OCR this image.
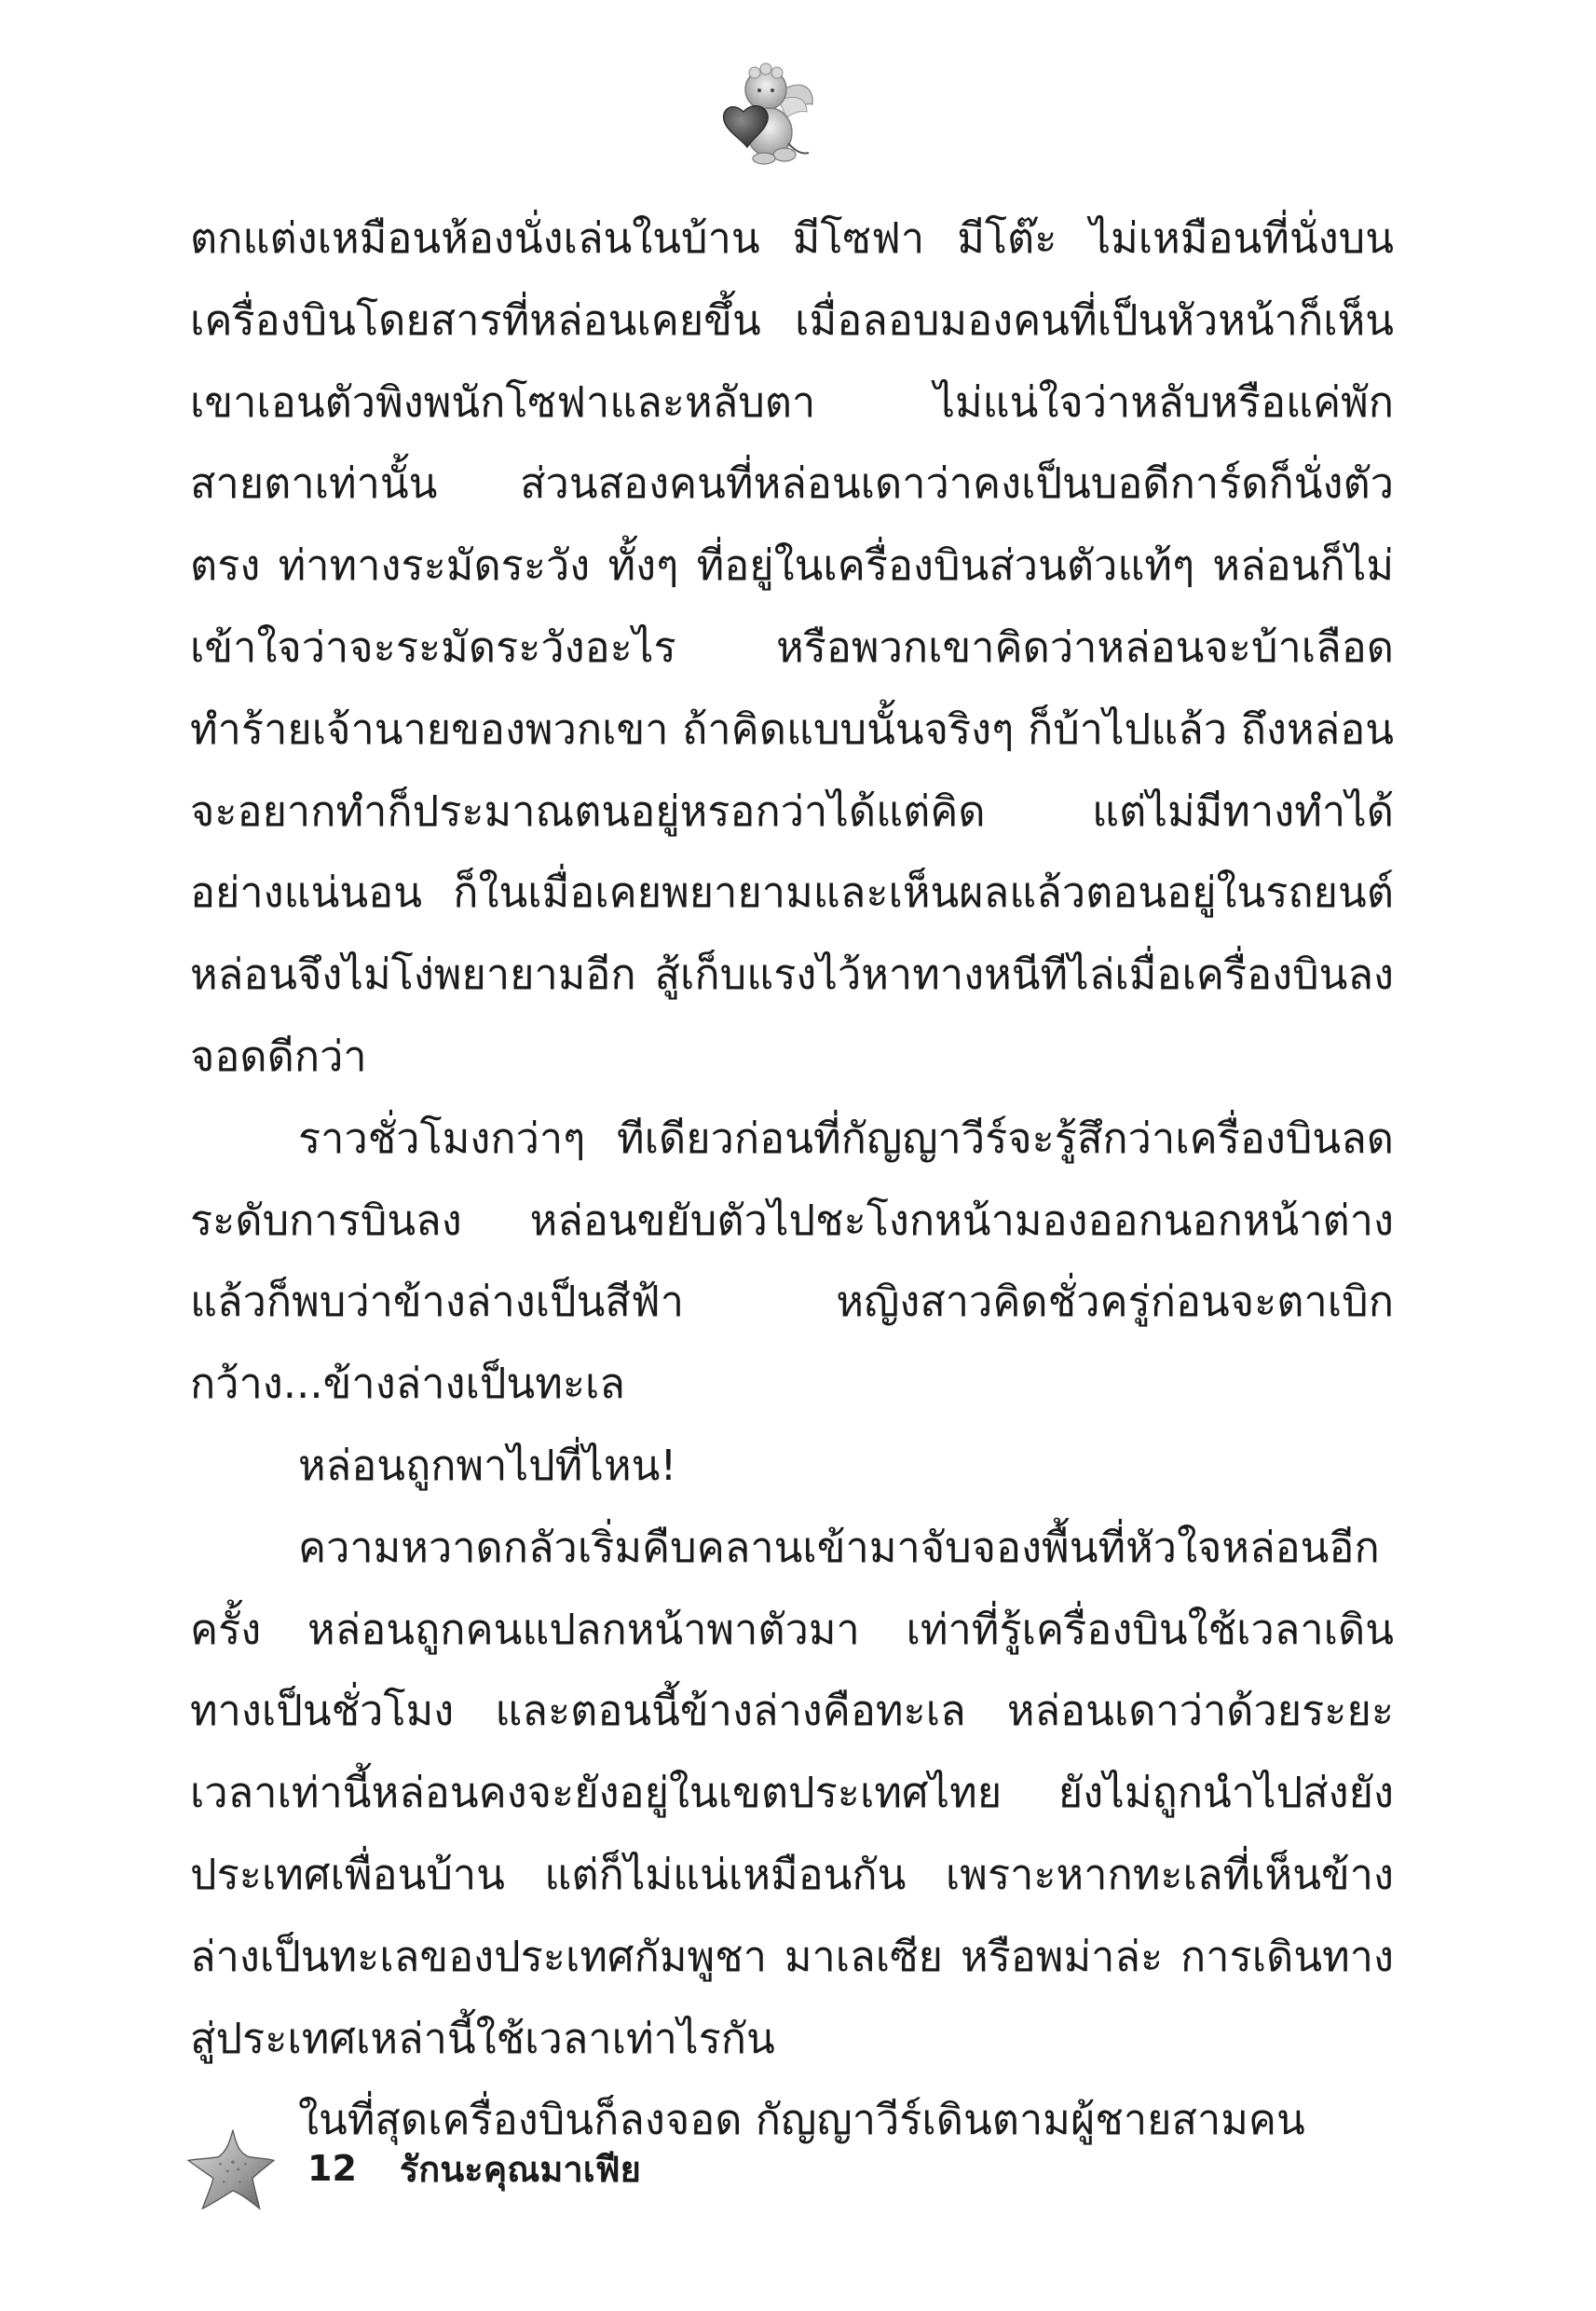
ตกแต่งเหมือนห้องนั่งเล่นในบ้าน มีโซฟา มีโต๊ะ ไม่เหมือนที่นั่งบนเครื่องบินโดยสารที่หล่อนเคยขึ้น เมื่อลอบมองคนที่เป็นหัวหน้าก็เห็นเขาเอนตัวพิงพนักโซฟาและหลับตา ไม่แน่ใจว่าหลับหรือแค่พักสายตาเท่านั้น ส่วนสองคนที่หล่อนเดาว่าคงเป็นบอดีการ์ดก็นั่งตัวตรง ท่าทางระมัดระวัง ทั้งๆ ที่อยู่ในเครื่องบินส่วนตัวแท้ๆ หล่อนก็ไม่เข้าใจว่าจะระมัดระวังอะไร หรือพวกเขาคิดว่าหล่อนจะบ้าเลือดทำร้ายเจ้านายของพวกเขา ถ้าคิดแบบนั้นจริงๆ ก็บ้าไปแล้ว ถึงหล่อนจะอยากทำก็ประมาณตนอยู่หรอกว่าได้แต่คิด แต่ไม่มีทางทำได้อย่างแน่นอน ก็ในเมื่อเคยพยายามและเห็นผลแล้วตอนอยู่ในรถยนต์ หล่อนจึงไม่โง่พยายามอีก สู้เก็บแรงไว้หาทางหนีทีไล่เมื่อเครื่องบินลงจอดดีกว่า

ราวชั่วโมงกว่าๆ ทีเดียวก่อนที่กัญญาวีร์จะรู้สึกว่าเครื่องบินลดระดับการบินลง หล่อนขยับตัวไปชะโงกหน้ามองออกนอกหน้าต่าง แล้วก็พบว่าข้างล่างเป็นสีฟ้า หญิงสาวคิดชั่วครู่ก่อนจะตาเบิกกว้าง...ข้างล่างเป็นทะเล

หล่อนถูกพาไปที่ไหน!

ความหวาดกลัวเริ่มคืบคลานเข้ามาจับจองพื้นที่หัวใจหล่อนอีกครั้ง หล่อนถูกคนแปลกหน้าพาตัวมา เท่าที่รู้เครื่องบินใช้เวลาเดินทางเป็นชั่วโมง และตอนนี้ข้างล่างคือทะเล หล่อนเดาว่าด้วยระยะเวลาเท่านี้หล่อนคงจะยังอยู่ในเขตประเทศไทย ยังไม่ถูกนำไปส่งยังประเทศเพื่อนบ้าน แต่ก็ไม่แน่เหมือนกัน เพราะหากทะเลที่เห็นข้างล่างเป็นทะเลของประเทศกัมพูชา มาเลเซีย หรือพม่าล่ะ การเดินทางสู่ประเทศเหล่านี้ใช้เวลาเท่าไรกัน

ในที่สุดเครื่องบินก็ลงจอด กัญญาวีร์เดินตามผู้ชายสามคน

12 รักนะคุณมาเฟีย
